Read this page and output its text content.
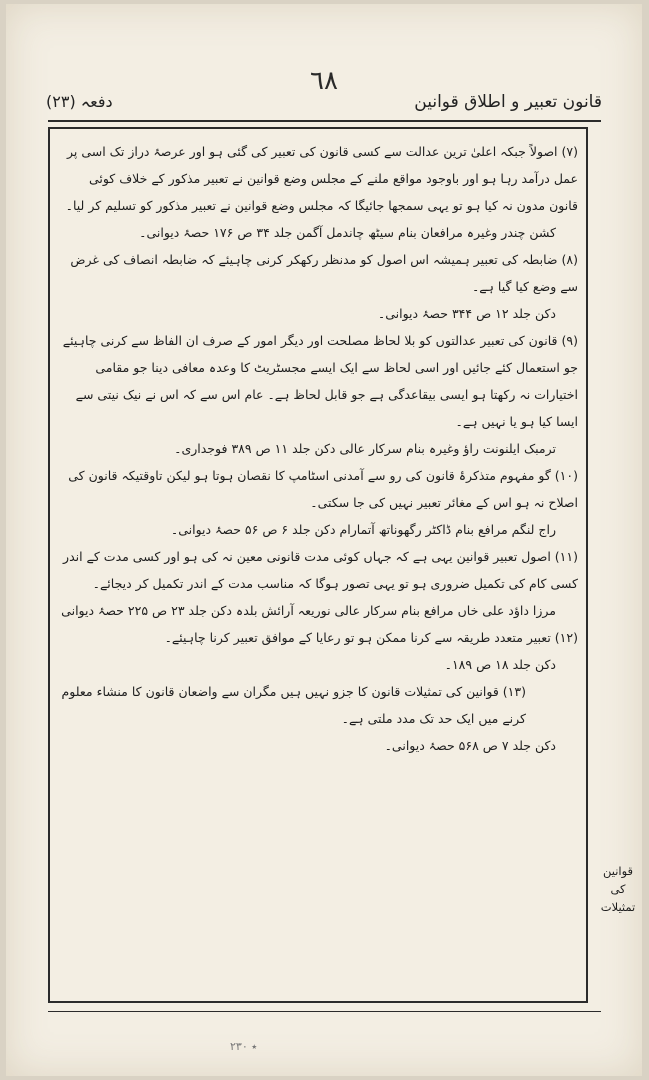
٦٨
قانون تعبیر و اطلاق قوانین
دفعہ (۲۳)

(۷) اصولاً جبکہ اعلیٰ ترین عدالت سے کسی قانون کی تعبیر کی گئی ہو اور عرصۂ دراز تک اسی پر عمل درآمد رہا ہو اور باوجود مواقع ملنے کے مجلس وضع قوانین نے تعبیر مذکور کے خلاف کوئی قانون مدون نہ کیا ہو تو یہی سمجھا جائیگا کہ مجلس وضع قوانین نے تعبیر مذکور کو تسلیم کر لیا۔

کشن چندر وغیرہ مرافعان بنام سیٹھ چاندمل آگمن جلد ۳۴ ص ۱۷۶ حصۂ دیوانی۔

(۸) ضابطہ کی تعبیر ہمیشہ اس اصول کو مدنظر رکھکر کرنی چاہیئے کہ ضابطہ انصاف کی غرض سے وضع کیا گیا ہے۔

دکن جلد ۱۲ ص ۳۴۴ حصۂ دیوانی۔

(۹) قانون کی تعبیر عدالتوں کو بلا لحاظ مصلحت اور دیگر امور کے صرف ان الفاظ سے کرنی چاہیئے جو استعمال کئے جائیں اور اسی لحاظ سے ایک ایسے مجسٹریٹ کا وعدہ معافی دینا جو مقامی اختیارات نہ رکھتا ہو ایسی بیقاعدگی ہے جو قابل لحاظ ہے۔ عام اس سے کہ اس نے نیک نیتی سے ایسا کیا ہو یا نہیں ہے۔

ترمبک ایلنونت راؤ وغیرہ بنام سرکار عالی دکن جلد ۱۱ ص ۳۸۹ فوجداری۔

(۱۰) گو مفہوم متذکرۂ قانون کی رو سے آمدنی اسٹامپ کا نقصان ہوتا ہو لیکن تاوقتیکہ قانون کی اصلاح نہ ہو اس کے مغائر تعبیر نہیں کی جا سکتی۔

راج لنگم مرافع بنام ڈاکٹر رگھوناتھ آتمارام دکن جلد ۶ ص ۵۶ حصۂ دیوانی۔

(۱۱) اصول تعبیر قوانین یہی ہے کہ جہاں کوئی مدت قانونی معین نہ کی ہو اور کسی مدت کے اندر کسی کام کی تکمیل ضروری ہو تو یہی تصور ہوگا کہ مناسب مدت کے اندر تکمیل کر دیجائے۔

مرزا داؤد علی خاں مرافع بنام سرکار عالی نوریعہ آرائش بلدہ دکن جلد ۲۳ ص ۲۲۵ حصۂ دیوانی

(۱۲) تعبیر متعدد طریقہ سے کرنا ممکن ہو تو رعایا کے موافق تعبیر کرنا چاہیئے۔

دکن جلد ۱۸ ص ۱۸۹۔

(۱۳) قوانین کی تمثیلات قانون کا جزو نہیں ہیں مگران سے واضعان قانون کا منشاء معلوم کرنے میں ایک حد تک مدد ملتی ہے۔

دکن جلد ۷ ص ۵۶۸ حصۂ دیوانی۔

قوانین کی تمثیلات
٭ ۲۳۰
